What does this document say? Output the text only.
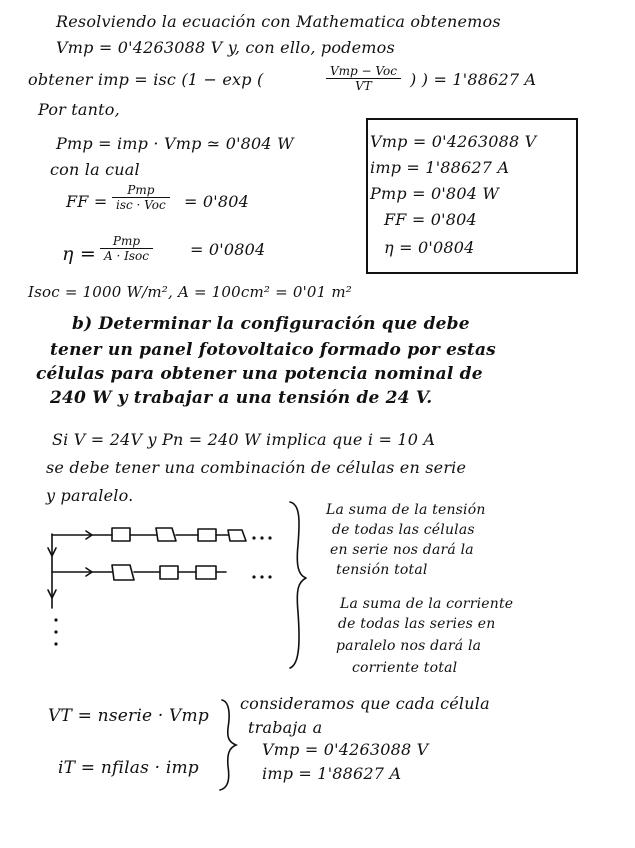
Resolviendo la ecuación con Mathematica obtenemos
Vmp = 0'4263088 V y, con ello, podemos
obtener imp = isc (1 − exp (	Vmp − Voc
VT	) ) = 1'88627 A
Por tanto,
Pmp = imp · Vmp ≃ 0'804 W
con la cual
FF =
Pmp
isc · Voc = 0'804
η =
Pmp
A · Isoc	= 0'0804
Isoc = 1000 W/m², A = 100cm² = 0'01 m²
Vmp = 0'4263088 V
imp = 1'88627 A
Pmp = 0'804 W
FF = 0'804
η = 0'0804
b) Determinar la configuración que debe
tener un panel fotovoltaico formado por estas
células para obtener una potencia nominal de
240 W y trabajar a una tensión de 24 V.
Si V = 24V y Pn = 240 W implica que i = 10 A
se debe tener una combinación de células en serie
y paralelo.
La suma de la tensión
de todas las células
en serie nos dará la
tensión total
La suma de la corriente
de todas las series en
paralelo nos dará la
corriente total
VT = nserie · Vmp
iT = nfilas · imp
consideramos que cada célula
trabaja a
Vmp = 0'4263088 V
imp = 1'88627 A
